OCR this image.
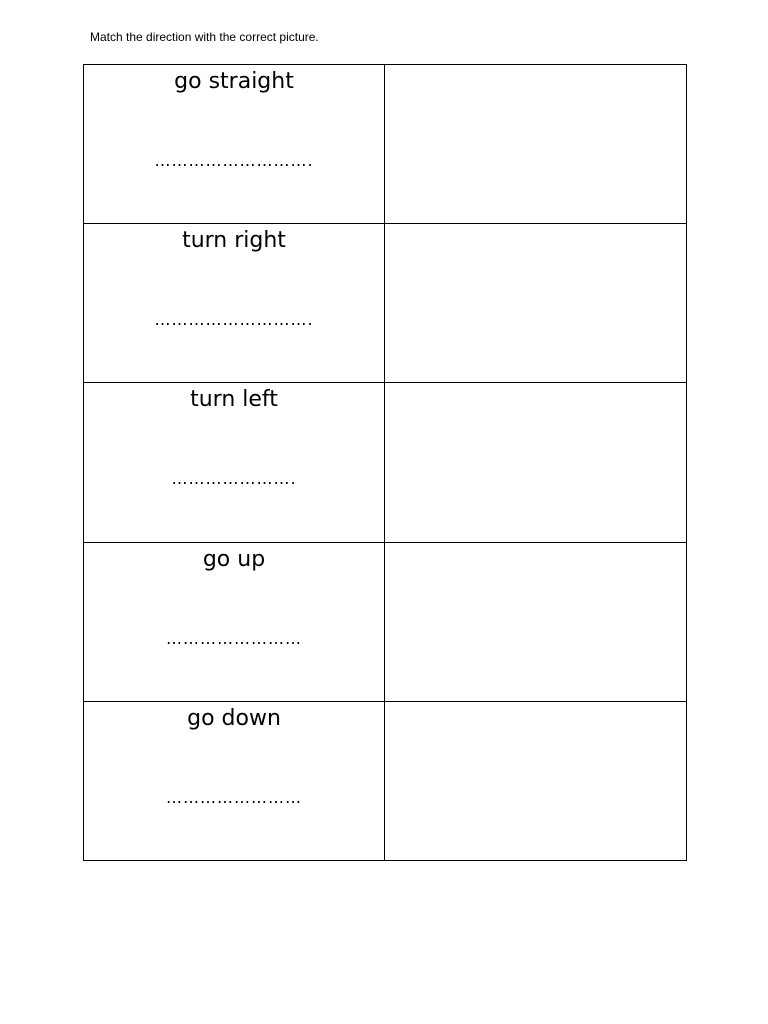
Match the direction with the correct picture.
go straight
……………………….	

turn right
……………………….	

turn left
………………….	

go up
……………………	

go down
……………………	
